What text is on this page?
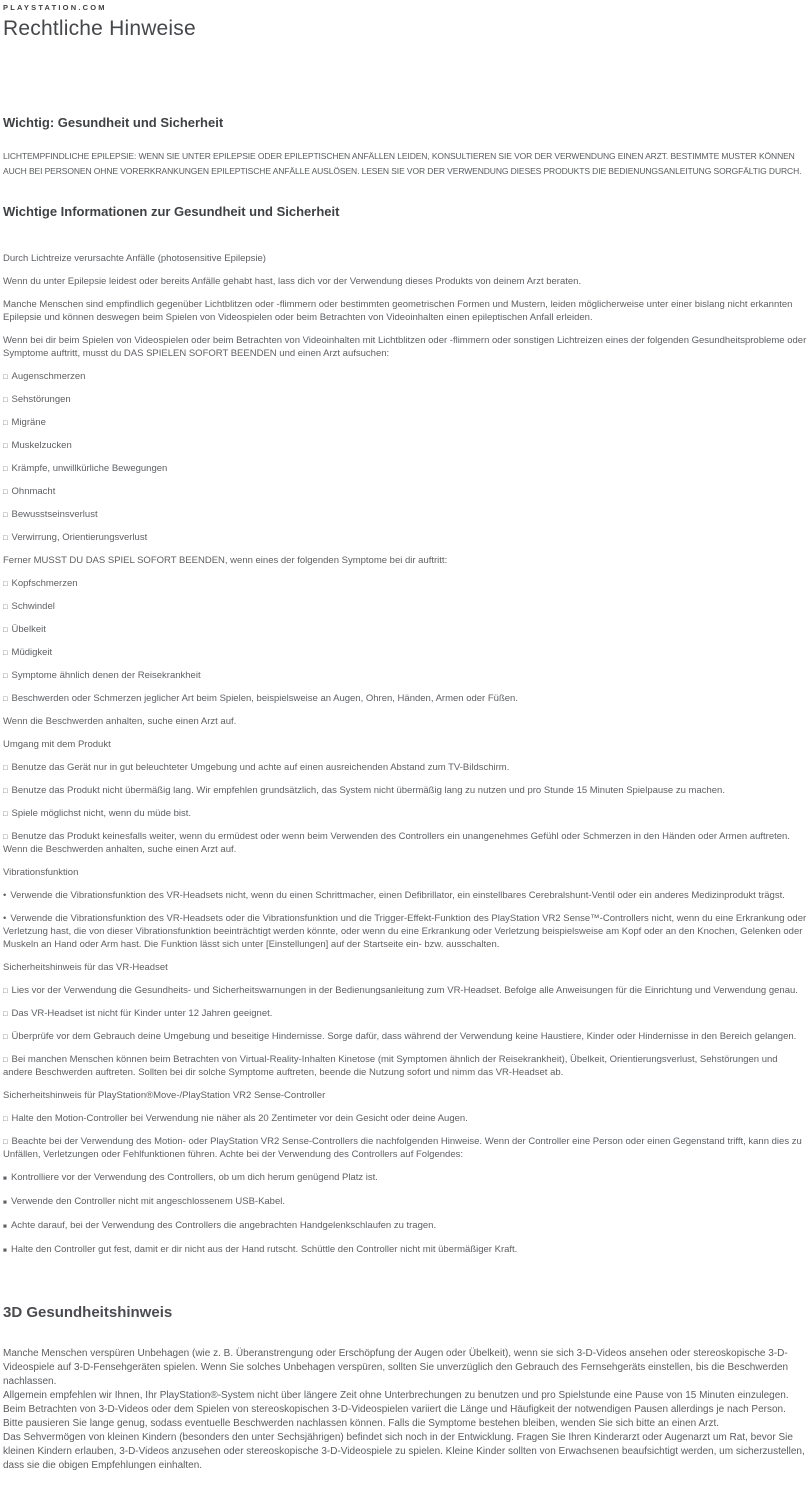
PLAYSTATION.COM
Rechtliche Hinweise
Wichtig: Gesundheit und Sicherheit
LICHTEMPFINDLICHE EPILEPSIE: WENN SIE UNTER EPILEPSIE ODER EPILEPTISCHEN ANFÄLLEN LEIDEN, KONSULTIEREN SIE VOR DER VERWENDUNG EINEN ARZT. BESTIMMTE MUSTER KÖNNEN AUCH BEI PERSONEN OHNE VORERKRANKUNGEN EPILEPTISCHE ANFÄLLE AUSLÖSEN. LESEN SIE VOR DER VERWENDUNG DIESES PRODUKTS DIE BEDIENUNGSANLEITUNG SORGFÄLTIG DURCH.
Wichtige Informationen zur Gesundheit und Sicherheit
Durch Lichtreize verursachte Anfälle (photosensitive Epilepsie)
Wenn du unter Epilepsie leidest oder bereits Anfälle gehabt hast, lass dich vor der Verwendung dieses Produkts von deinem Arzt beraten.
Manche Menschen sind empfindlich gegenüber Lichtblitzen oder -flimmern oder bestimmten geometrischen Formen und Mustern, leiden möglicherweise unter einer bislang nicht erkannten Epilepsie und können deswegen beim Spielen von Videospielen oder beim Betrachten von Videoinhalten einen epileptischen Anfall erleiden.
Wenn bei dir beim Spielen von Videospielen oder beim Betrachten von Videoinhalten mit Lichtblitzen oder -flimmern oder sonstigen Lichtreizen eines der folgenden Gesundheitsprobleme oder Symptome auftritt, musst du DAS SPIELEN SOFORT BEENDEN und einen Arzt aufsuchen:
□ Augenschmerzen
□ Sehstörungen
□ Migräne
□ Muskelzucken
□ Krämpfe, unwillkürliche Bewegungen
□ Ohnmacht
□ Bewusstseinsverlust
□ Verwirrung, Orientierungsverlust
Ferner MUSST DU DAS SPIEL SOFORT BEENDEN, wenn eines der folgenden Symptome bei dir auftritt:
□ Kopfschmerzen
□ Schwindel
□ Übelkeit
□ Müdigkeit
□ Symptome ähnlich denen der Reisekrankheit
□ Beschwerden oder Schmerzen jeglicher Art beim Spielen, beispielsweise an Augen, Ohren, Händen, Armen oder Füßen.
Wenn die Beschwerden anhalten, suche einen Arzt auf.
Umgang mit dem Produkt
□ Benutze das Gerät nur in gut beleuchteter Umgebung und achte auf einen ausreichenden Abstand zum TV-Bildschirm.
□ Benutze das Produkt nicht übermäßig lang. Wir empfehlen grundsätzlich, das System nicht übermäßig lang zu nutzen und pro Stunde 15 Minuten Spielpause zu machen.
□ Spiele möglichst nicht, wenn du müde bist.
□ Benutze das Produkt keinesfalls weiter, wenn du ermüdest oder wenn beim Verwenden des Controllers ein unangenehmes Gefühl oder Schmerzen in den Händen oder Armen auftreten. Wenn die Beschwerden anhalten, suche einen Arzt auf.
Vibrationsfunktion
• Verwende die Vibrationsfunktion des VR-Headsets nicht, wenn du einen Schrittmacher, einen Defibrillator, ein einstellbares Cerebralshunt-Ventil oder ein anderes Medizinprodukt trägst.
• Verwende die Vibrationsfunktion des VR-Headsets oder die Vibrationsfunktion und die Trigger-Effekt-Funktion des PlayStation VR2 Sense™-Controllers nicht, wenn du eine Erkrankung oder Verletzung hast, die von dieser Vibrationsfunktion beeinträchtigt werden könnte, oder wenn du eine Erkrankung oder Verletzung beispielsweise am Kopf oder an den Knochen, Gelenken oder Muskeln an Hand oder Arm hast. Die Funktion lässt sich unter [Einstellungen] auf der Startseite ein- bzw. ausschalten.
Sicherheitshinweis für das VR-Headset
□ Lies vor der Verwendung die Gesundheits- und Sicherheitswarnungen in der Bedienungsanleitung zum VR-Headset. Befolge alle Anweisungen für die Einrichtung und Verwendung genau.
□ Das VR-Headset ist nicht für Kinder unter 12 Jahren geeignet.
□ Überprüfe vor dem Gebrauch deine Umgebung und beseitige Hindernisse. Sorge dafür, dass während der Verwendung keine Haustiere, Kinder oder Hindernisse in den Bereich gelangen.
□ Bei manchen Menschen können beim Betrachten von Virtual-Reality-Inhalten Kinetose (mit Symptomen ähnlich der Reisekrankheit), Übelkeit, Orientierungsverlust, Sehstörungen und andere Beschwerden auftreten. Sollten bei dir solche Symptome auftreten, beende die Nutzung sofort und nimm das VR-Headset ab.
Sicherheitshinweis für PlayStation®Move-/PlayStation VR2 Sense-Controller
□ Halte den Motion-Controller bei Verwendung nie näher als 20 Zentimeter vor dein Gesicht oder deine Augen.
□ Beachte bei der Verwendung des Motion- oder PlayStation VR2 Sense-Controllers die nachfolgenden Hinweise. Wenn der Controller eine Person oder einen Gegenstand trifft, kann dies zu Unfällen, Verletzungen oder Fehlfunktionen führen. Achte bei der Verwendung des Controllers auf Folgendes:
■ Kontrolliere vor der Verwendung des Controllers, ob um dich herum genügend Platz ist.
■ Verwende den Controller nicht mit angeschlossenem USB-Kabel.
■ Achte darauf, bei der Verwendung des Controllers die angebrachten Handgelenkschlaufen zu tragen.
■ Halte den Controller gut fest, damit er dir nicht aus der Hand rutscht. Schüttle den Controller nicht mit übermäßiger Kraft.
3D Gesundheitshinweis
Manche Menschen verspüren Unbehagen (wie z. B. Überanstrengung oder Erschöpfung der Augen oder Übelkeit), wenn sie sich 3-D-Videos ansehen oder stereoskopische 3-D-Videospiele auf 3-D-Fensehgeräten spielen. Wenn Sie solches Unbehagen verspüren, sollten Sie unverzüglich den Gebrauch des Fernsehgeräts einstellen, bis die Beschwerden nachlassen.
Allgemein empfehlen wir Ihnen, Ihr PlayStation®-System nicht über längere Zeit ohne Unterbrechungen zu benutzen und pro Spielstunde eine Pause von 15 Minuten einzulegen. Beim Betrachten von 3-D-Videos oder dem Spielen von stereoskopischen 3-D-Videospielen variiert die Länge und Häufigkeit der notwendigen Pausen allerdings je nach Person. Bitte pausieren Sie lange genug, sodass eventuelle Beschwerden nachlassen können. Falls die Symptome bestehen bleiben, wenden Sie sich bitte an einen Arzt.
Das Sehvermögen von kleinen Kindern (besonders den unter Sechsjährigen) befindet sich noch in der Entwicklung. Fragen Sie Ihren Kinderarzt oder Augenarzt um Rat, bevor Sie kleinen Kindern erlauben, 3-D-Videos anzusehen oder stereoskopische 3-D-Videospiele zu spielen. Kleine Kinder sollten von Erwachsenen beaufsichtigt werden, um sicherzustellen, dass sie die obigen Empfehlungen einhalten.
